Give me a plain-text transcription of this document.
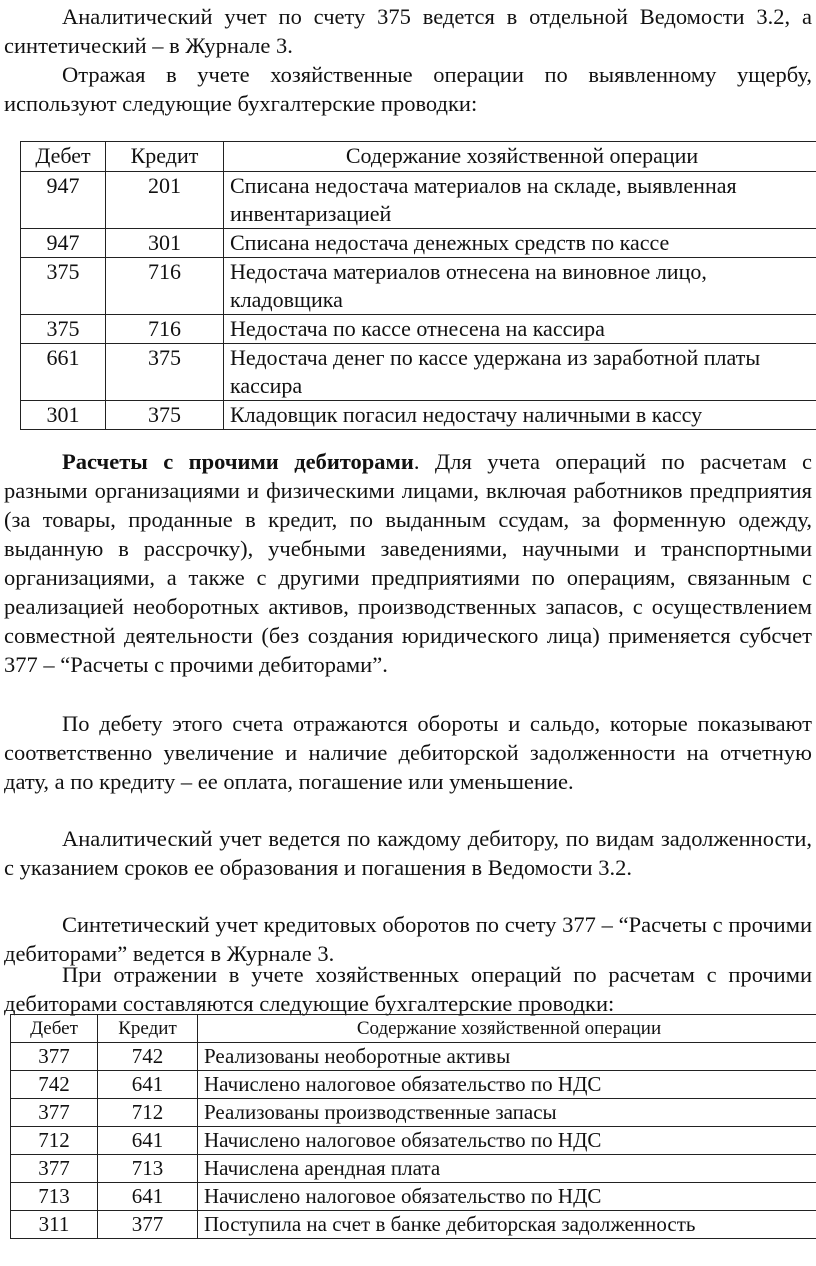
Аналитический учет по счету 375 ведется в отдельной Ведомости 3.2, а синтетический – в Журнале 3.

Отражая в учете хозяйственные операции по выявленному ущербу, используют следующие бухгалтерские проводки:

Дебет	Кредит	Содержание хозяйственной операции
947	201	Списана недостача материалов на складе, выявленная инвентаризацией
947	301	Списана недостача денежных средств по кассе
375	716	Недостача материалов отнесена на виновное лицо, кладовщика
375	716	Недостача по кассе отнесена на кассира
661	375	Недостача денег по кассе удержана из заработной платы кассира
301	375	Кладовщик погасил недостачу наличными в кассу

Расчеты с прочими дебиторами. Для учета операций по расчетам с разными организациями и физическими лицами, включая работников предприятия (за товары, проданные в кредит, по выданным ссудам, за форменную одежду, выданную в рассрочку), учебными заведениями, научными и транспортными организациями, а также с другими предприятиями по операциям, связанным с реализацией необоротных активов, производственных запасов, с осуществлением совместной деятельности (без создания юридического лица) применяется субсчет 377 – “Расчеты с прочими дебиторами”.

По дебету этого счета отражаются обороты и сальдо, которые показывают соответственно увеличение и наличие дебиторской задолженности на отчетную дату, а по кредиту – ее оплата, погашение или уменьшение.

Аналитический учет ведется по каждому дебитору, по видам задолженности, с указанием сроков ее образования и погашения в Ведомости 3.2.

Синтетический учет кредитовых оборотов по счету 377 – “Расчеты с прочими дебиторами” ведется в Журнале 3.

При отражении в учете хозяйственных операций по расчетам с прочими дебиторами составляются следующие бухгалтерские проводки:

Дебет	Кредит	Содержание хозяйственной операции
377	742	Реализованы необоротные активы
742	641	Начислено налоговое обязательство по НДС
377	712	Реализованы производственные запасы
712	641	Начислено налоговое обязательство по НДС
377	713	Начислена арендная плата
713	641	Начислено налоговое обязательство по НДС
311	377	Поступила на счет в банке дебиторская задолженность
